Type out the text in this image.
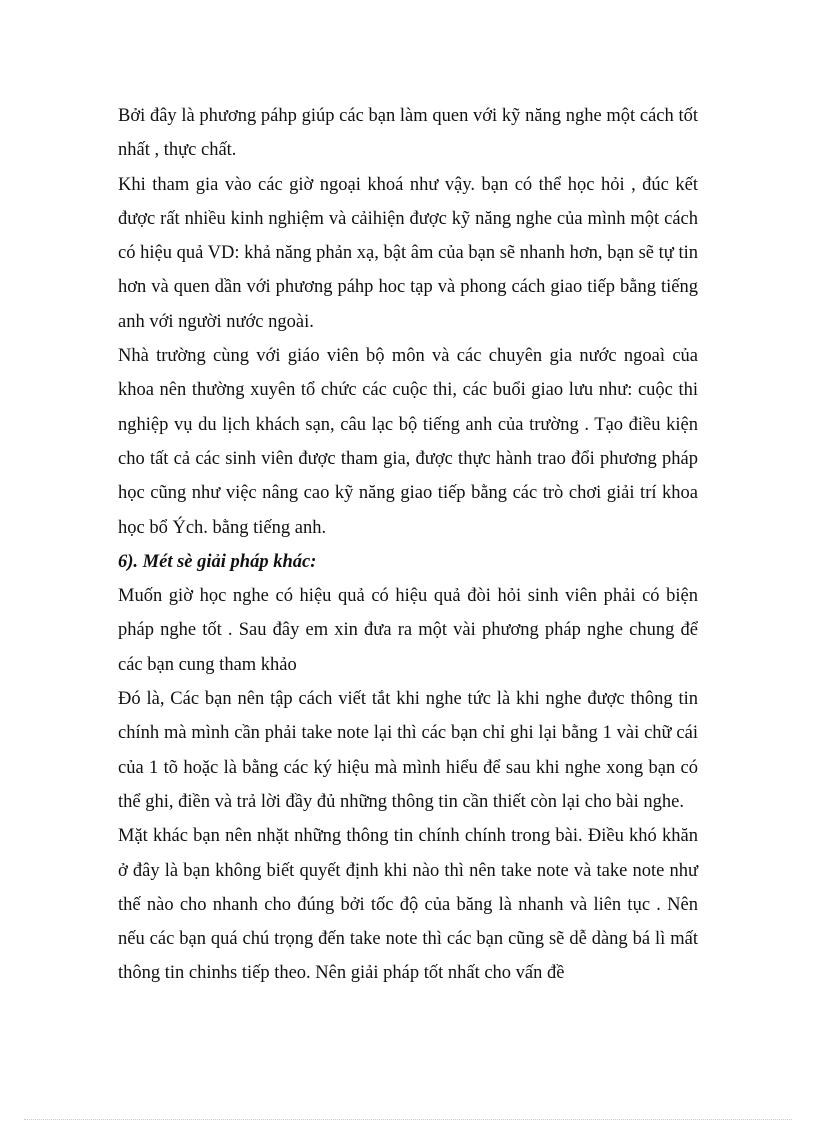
Bởi đây là phương páhp giúp các bạn làm quen với kỹ năng nghe một cách tốt nhất , thực chất.

Khi tham gia vào các giờ ngoại khoá như vậy. bạn có thể học hỏi , đúc kết được rất nhiều kinh nghiệm và cảihiện được kỹ năng nghe của mình một cách có hiệu quả VD: khả năng phản xạ, bật âm của bạn sẽ nhanh hơn, bạn sẽ tự tin hơn và quen dần với phương páhp hoc tạp và phong cách giao tiếp bằng tiếng anh với người nước ngoài.

Nhà trường cùng với giáo viên bộ môn và các chuyên gia nước ngoaì của khoa nên thường xuyên tổ chức các cuộc thi, các buổi giao lưu như: cuộc thi nghiệp vụ du lịch khách sạn, câu lạc bộ tiếng anh của trường . Tạo điều kiện cho tất cả các sinh viên được tham gia, được thực hành trao đổi phương pháp học cũng như việc nâng cao kỹ năng giao tiếp bằng các trò chơi giải trí khoa học bổ Ých. bằng tiếng anh.

6). Mét sè giải pháp khác:

Muốn giờ học nghe có hiệu quả có hiệu quả đòi hỏi sinh viên phải có biện pháp nghe tốt . Sau đây em xin đưa ra một vài phương pháp nghe chung để các bạn cung tham khảo

Đó là, Các bạn nên tập cách viết tắt khi nghe tức là khi nghe được thông tin chính mà mình cần phải take note lại thì các bạn chỉ ghi lại bằng 1 vài chữ cái của 1 tõ hoặc là bằng các ký hiệu mà mình hiểu để sau khi nghe xong bạn có thể ghi, điền và trả lời đầy đủ những thông tin cần thiết còn lại cho bài nghe.

Mặt khác bạn nên nhặt những thông tin chính chính trong bài. Điều khó khăn ở đây là bạn không biết quyết định khi nào thì nên take note và take note như thế nào cho nhanh cho đúng bởi tốc độ của băng là nhanh và liên tục . Nên nếu các bạn quá chú trọng đến take note thì các bạn cũng sẽ dễ dàng bá lì mất thông tin chinhs tiếp theo. Nên giải pháp tốt nhất cho vấn đề
